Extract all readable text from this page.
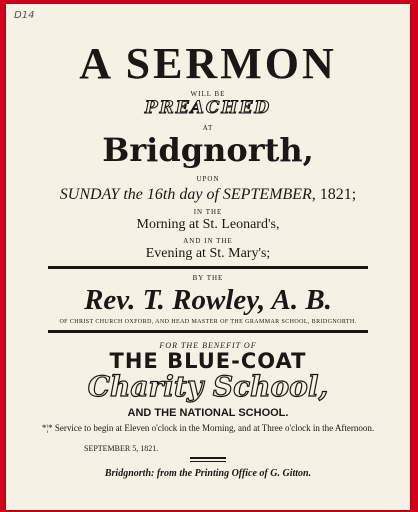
D14
A SERMON
WILL BE
PREACHED
AT
Bridgnorth,
UPON
SUNDAY the 16th day of SEPTEMBER, 1821;
IN THE
Morning at St. Leonard's,
AND IN THE
Evening at St. Mary's;
BY THE
Rev. T. Rowley, A. B.
OF CHRIST CHURCH OXFORD, AND HEAD MASTER OF THE GRAMMAR SCHOOL, BRIDGNORTH.
FOR THE BENEFIT OF
THE BLUE-COAT
Charity School,
AND THE NATIONAL SCHOOL.
*¦* Service to begin at Eleven o'clock in the Morning, and at Three o'clock in the Afternoon.
SEPTEMBER 5, 1821.
Bridgnorth: from the Printing Office of G. Gitton.
